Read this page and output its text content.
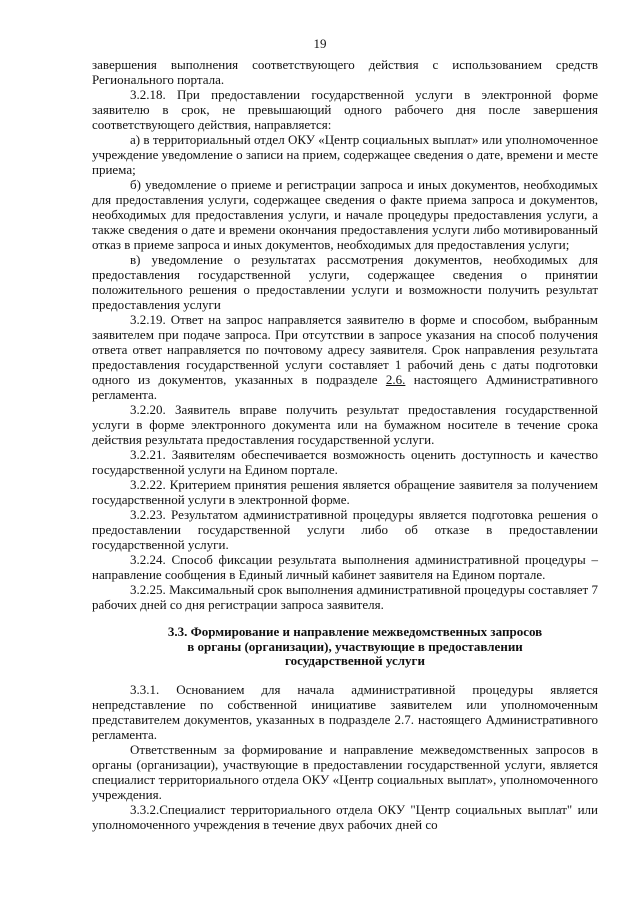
19

завершения выполнения соответствующего действия с использованием средств Регионального портала.

3.2.18. При предоставлении государственной услуги в электронной форме заявителю в срок, не превышающий одного рабочего дня после завершения соответствующего действия, направляется:

а) в территориальный отдел ОКУ «Центр социальных выплат» или уполномоченное учреждение уведомление о записи на прием, содержащее сведения о дате, времени и месте приема;

б) уведомление о приеме и регистрации запроса и иных документов, необходимых для предоставления услуги, содержащее сведения о факте приема запроса и документов, необходимых для предоставления услуги, и начале процедуры предоставления услуги, а также сведения о дате и времени окончания предоставления услуги либо мотивированный отказ в приеме запроса и иных документов, необходимых для предоставления услуги;

в) уведомление о результатах рассмотрения документов, необходимых для предоставления государственной услуги, содержащее сведения о принятии положительного решения о предоставлении услуги и возможности получить результат предоставления услуги

3.2.19. Ответ на запрос направляется заявителю в форме и способом, выбранным заявителем при подаче запроса. При отсутствии в запросе указания на способ получения ответа ответ направляется по почтовому адресу заявителя. Срок направления результата предоставления государственной услуги составляет 1 рабочий день с даты подготовки одного из документов, указанных в подразделе 2.6. настоящего Административного регламента.

3.2.20. Заявитель вправе получить результат предоставления государственной услуги в форме электронного документа или на бумажном носителе в течение срока действия результата предоставления государственной услуги.

3.2.21. Заявителям обеспечивается возможность оценить доступность и качество государственной услуги на Едином портале.

3.2.22. Критерием принятия решения является обращение заявителя за получением государственной услуги в электронной форме.

3.2.23. Результатом административной процедуры является подготовка решения о предоставлении государственной услуги либо об отказе в предоставлении государственной услуги.

3.2.24. Способ фиксации результата выполнения административной процедуры – направление сообщения в Единый личный кабинет заявителя на Едином портале.

3.2.25. Максимальный срок выполнения административной процедуры составляет 7 рабочих дней со дня регистрации запроса заявителя.

3.3. Формирование и направление межведомственных запросов
в органы (организации), участвующие в предоставлении
государственной услуги

3.3.1. Основанием для начала административной процедуры является непредставление по собственной инициативе заявителем или уполномоченным представителем документов, указанных в подразделе 2.7. настоящего Административного регламента.

Ответственным за формирование и направление межведомственных запросов в органы (организации), участвующие в предоставлении государственной услуги, является специалист территориального отдела ОКУ «Центр социальных выплат», уполномоченного учреждения.

3.3.2.Специалист территориального отдела ОКУ "Центр социальных выплат" или уполномоченного учреждения в течение двух рабочих дней со
